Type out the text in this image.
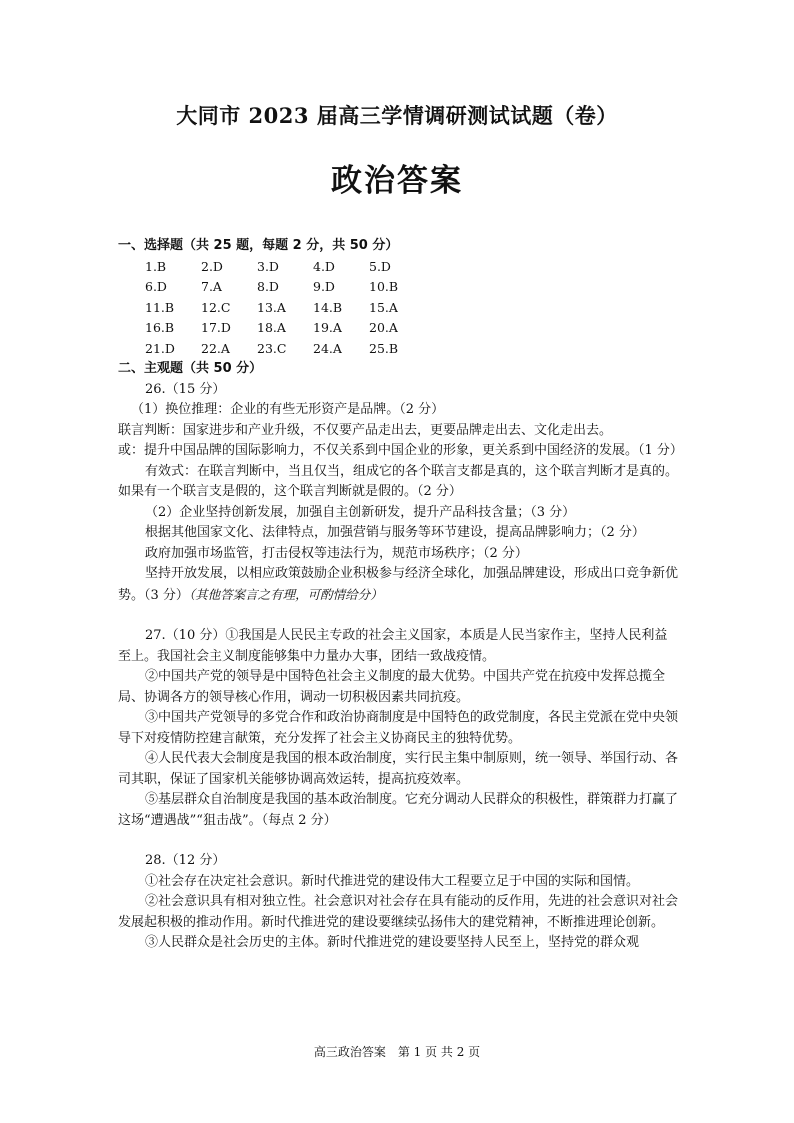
大同市 2023 届高三学情调研测试试题（卷）
政治答案

一、选择题（共 25 题，每题 2 分，共 50 分）

1.B	2.D	3.D	4.D	5.D
6.D	7.A	8.D	9.D	10.B
11.B	12.C	13.A	14.B	15.A
16.B	17.D	18.A	19.A	20.A
21.D	22.A	23.C	24.A	25.B

二、主观题（共 50 分）

26.（15 分）

（1）换位推理：企业的有些无形资产是品牌。（2 分）

联言判断：国家进步和产业升级，不仅要产品走出去，更要品牌走出去、文化走出去。

或：提升中国品牌的国际影响力，不仅关系到中国企业的形象，更关系到中国经济的发展。（1 分）

有效式：在联言判断中，当且仅当，组成它的各个联言支都是真的，这个联言判断才是真的。如果有一个联言支是假的，这个联言判断就是假的。（2 分）

（2）企业坚持创新发展，加强自主创新研发，提升产品科技含量；（3 分）

根据其他国家文化、法律特点，加强营销与服务等环节建设，提高品牌影响力；（2 分）

政府加强市场监管，打击侵权等违法行为，规范市场秩序；（2 分）

坚持开放发展，以相应政策鼓励企业积极参与经济全球化，加强品牌建设，形成出口竞争新优势。（3 分）（其他答案言之有理，可酌情给分）

27.（10 分）①我国是人民民主专政的社会主义国家，本质是人民当家作主，坚持人民利益至上。我国社会主义制度能够集中力量办大事，团结一致战疫情。

②中国共产党的领导是中国特色社会主义制度的最大优势。中国共产党在抗疫中发挥总揽全局、协调各方的领导核心作用，调动一切积极因素共同抗疫。

③中国共产党领导的多党合作和政治协商制度是中国特色的政党制度，各民主党派在党中央领导下对疫情防控建言献策，充分发挥了社会主义协商民主的独特优势。

④人民代表大会制度是我国的根本政治制度，实行民主集中制原则，统一领导、举国行动、各司其职，保证了国家机关能够协调高效运转，提高抗疫效率。

⑤基层群众自治制度是我国的基本政治制度。它充分调动人民群众的积极性，群策群力打赢了这场“遭遇战”“狙击战”。（每点 2 分）

28.（12 分）

①社会存在决定社会意识。新时代推进党的建设伟大工程要立足于中国的实际和国情。

②社会意识具有相对独立性。社会意识对社会存在具有能动的反作用，先进的社会意识对社会发展起积极的推动作用。新时代推进党的建设要继续弘扬伟大的建党精神，不断推进理论创新。

③人民群众是社会历史的主体。新时代推进党的建设要坚持人民至上，坚持党的群众观

高三政治答案　第 1 页 共 2 页
